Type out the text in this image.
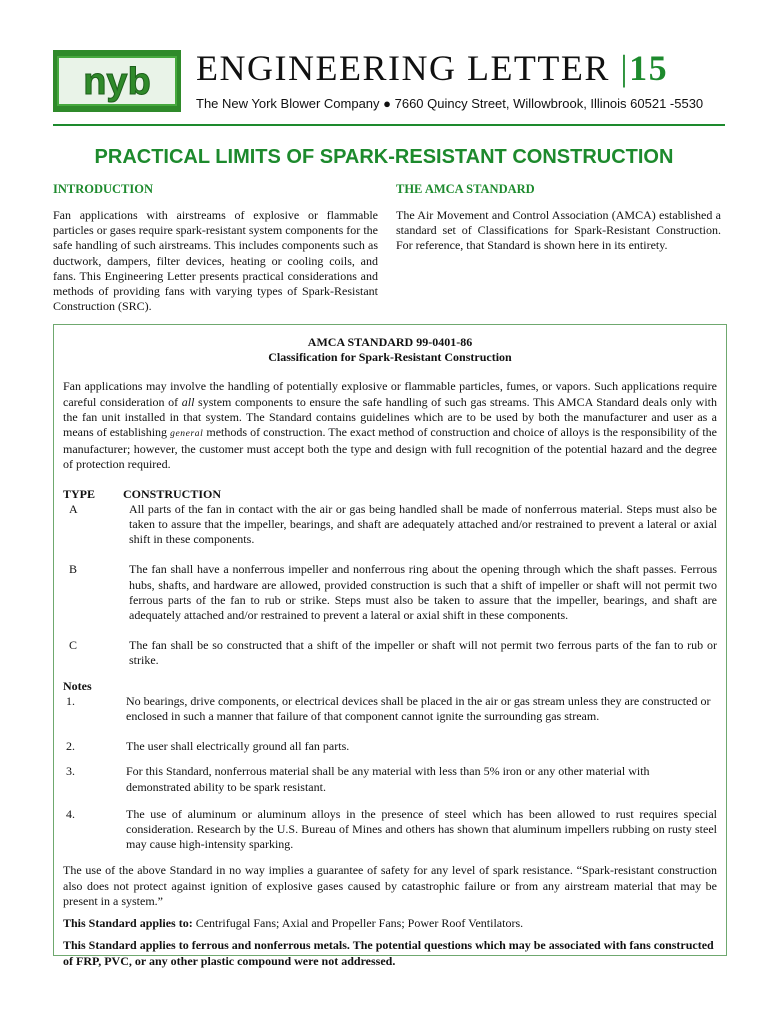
nyb ENGINEERING LETTER |15
The New York Blower Company ● 7660 Quincy Street, Willowbrook, Illinois 60521 -5530
PRACTICAL LIMITS OF SPARK-RESISTANT CONSTRUCTION
INTRODUCTION

Fan applications with airstreams of explosive or flammable particles or gases require spark-resistant system components for the safe handling of such airstreams. This includes components such as ductwork, dampers, filter devices, heating or cooling coils, and fans. This Engineering Letter presents practical considerations and methods of providing fans with varying types of Spark-Resistant Construction (SRC).

THE AMCA STANDARD

The Air Movement and Control Association (AMCA) established a standard set of Classifications for Spark-Resistant Construction. For reference, that Standard is shown here in its entirety.

AMCA STANDARD 99-0401-86
Classification for Spark-Resistant Construction

Fan applications may involve the handling of potentially explosive or flammable particles, fumes, or vapors. Such applications require careful consideration of all system components to ensure the safe handling of such gas streams. This AMCA Standard deals only with the fan unit installed in that system. The Standard contains guidelines which are to be used by both the manufacturer and user as a means of establishing general methods of construction. The exact method of construction and choice of alloys is the responsibility of the manufacturer; however, the customer must accept both the type and design with full recognition of the potential hazard and the degree of protection required.

TYPE	CONSTRUCTION
A	All parts of the fan in contact with the air or gas being handled shall be made of nonferrous material. Steps must also be taken to assure that the impeller, bearings, and shaft are adequately attached and/or restrained to prevent a lateral or axial shift in these components.
B	The fan shall have a nonferrous impeller and nonferrous ring about the opening through which the shaft passes. Ferrous hubs, shafts, and hardware are allowed, provided construction is such that a shift of impeller or shaft will not permit two ferrous parts of the fan to rub or strike. Steps must also be taken to assure that the impeller, bearings, and shaft are adequately attached and/or restrained to prevent a lateral or axial shift in these components.
C	The fan shall be so constructed that a shift of the impeller or shaft will not permit two ferrous parts of the fan to rub or strike.
Notes
1.	No bearings, drive components, or electrical devices shall be placed in the air or gas stream unless they are constructed or enclosed in such a manner that failure of that component cannot ignite the surrounding gas stream.
2.	The user shall electrically ground all fan parts.
3.	For this Standard, nonferrous material shall be any material with less than 5% iron or any other material with demonstrated ability to be spark resistant.
4.	The use of aluminum or aluminum alloys in the presence of steel which has been allowed to rust requires special consideration. Research by the U.S. Bureau of Mines and others has shown that aluminum impellers rubbing on rusty steel may cause high-intensity sparking.

The use of the above Standard in no way implies a guarantee of safety for any level of spark resistance. “Spark-resistant construction also does not protect against ignition of explosive gases caused by catastrophic failure or from any airstream material that may be present in a system.”

This Standard applies to: Centrifugal Fans; Axial and Propeller Fans; Power Roof Ventilators.

This Standard applies to ferrous and nonferrous metals. The potential questions which may be associated with fans constructed of FRP, PVC, or any other plastic compound were not addressed.
